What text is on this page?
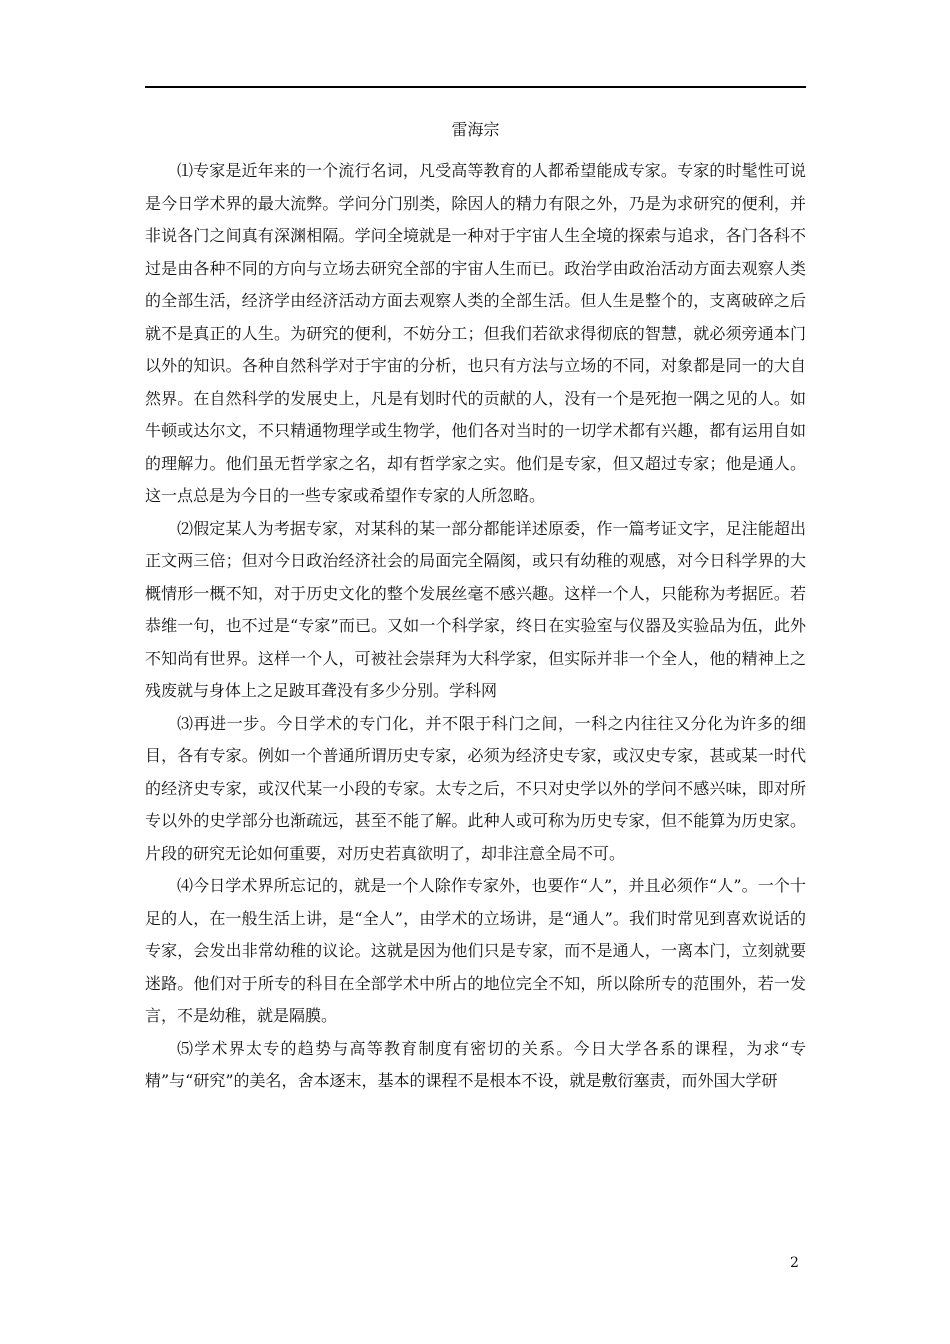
雷海宗

⑴专家是近年来的一个流行名词，凡受高等教育的人都希望能成专家。专家的时髦性可说是今日学术界的最大流弊。学问分门别类，除因人的精力有限之外，乃是为求研究的便利，并非说各门之间真有深渊相隔。学问全境就是一种对于宇宙人生全境的探索与追求，各门各科不过是由各种不同的方向与立场去研究全部的宇宙人生而已。政治学由政治活动方面去观察人类的全部生活，经济学由经济活动方面去观察人类的全部生活。但人生是整个的，支离破碎之后就不是真正的人生。为研究的便利，不妨分工；但我们若欲求得彻底的智慧，就必须旁通本门以外的知识。各种自然科学对于宇宙的分析，也只有方法与立场的不同，对象都是同一的大自然界。在自然科学的发展史上，凡是有划时代的贡献的人，没有一个是死抱一隅之见的人。如牛顿或达尔文，不只精通物理学或生物学，他们各对当时的一切学术都有兴趣，都有运用自如的理解力。他们虽无哲学家之名，却有哲学家之实。他们是专家，但又超过专家；他是通人。这一点总是为今日的一些专家或希望作专家的人所忽略。

⑵假定某人为考据专家，对某科的某一部分都能详述原委，作一篇考证文字，足注能超出正文两三倍；但对今日政治经济社会的局面完全隔阂，或只有幼稚的观感，对今日科学界的大概情形一概不知，对于历史文化的整个发展丝毫不感兴趣。这样一个人，只能称为考据匠。若恭维一句，也不过是“专家”而已。又如一个科学家，终日在实验室与仪器及实验品为伍，此外不知尚有世界。这样一个人，可被社会崇拜为大科学家，但实际并非一个全人，他的精神上之残废就与身体上之足跛耳聋没有多少分别。学科网

⑶再进一步。今日学术的专门化，并不限于科门之间，一科之内往往又分化为许多的细目，各有专家。例如一个普通所谓历史专家，必须为经济史专家，或汉史专家，甚或某一时代的经济史专家，或汉代某一小段的专家。太专之后，不只对史学以外的学问不感兴味，即对所专以外的史学部分也渐疏远，甚至不能了解。此种人或可称为历史专家，但不能算为历史家。片段的研究无论如何重要，对历史若真欲明了，却非注意全局不可。

⑷今日学术界所忘记的，就是一个人除作专家外，也要作“人”，并且必须作“人”。一个十足的人，在一般生活上讲，是“全人”，由学术的立场讲，是“通人”。我们时常见到喜欢说话的专家，会发出非常幼稚的议论。这就是因为他们只是专家，而不是通人，一离本门，立刻就要迷路。他们对于所专的科目在全部学术中所占的地位完全不知，所以除所专的范围外，若一发言，不是幼稚，就是隔膜。

⑸学术界太专的趋势与高等教育制度有密切的关系。今日大学各系的课程，为求“专精”与“研究”的美名，舍本逐末，基本的课程不是根本不设，就是敷衍塞责，而外国大学研

2
